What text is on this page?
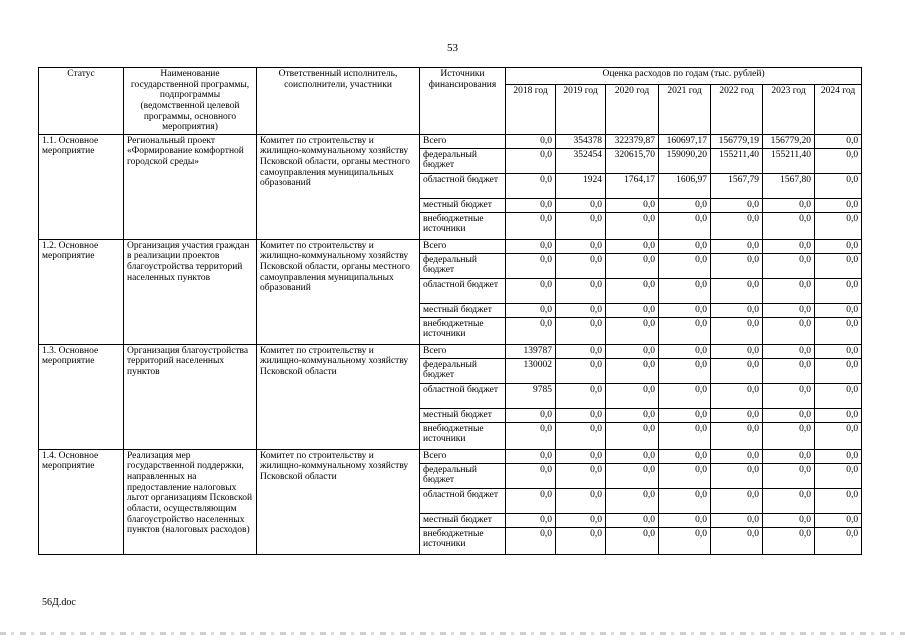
53
Статус	Наименование государственной программы, подпрограммы (ведомственной целевой программы, основного мероприятия)	Ответственный исполнитель, соисполнители, участники	Источники финансирования	Оценка расходов по годам (тыс. рублей)						
				2018 год	2019 год	2020 год	2021 год	2022 год	2023 год	2024 год
1.1. Основное мероприятие	Региональный проект «Формирование комфортной городской среды»	Комитет по строительству и жилищно-коммунальному хозяйству Псковской области, органы местного самоуправления муниципальных образований	Всего	0,0	354378	322379,87	160697,17	156779,19	156779,20	0,0
			федеральный бюджет	0,0	352454	320615,70	159090,20	155211,40	155211,40	0,0
			областной бюджет	0,0	1924	1764,17	1606,97	1567,79	1567,80	0,0
			местный бюджет	0,0	0,0	0,0	0,0	0,0	0,0	0,0
			внебюджетные источники	0,0	0,0	0,0	0,0	0,0	0,0	0,0
1.2. Основное мероприятие	Организация участия граждан в реализации проектов благоустройства территорий населенных пунктов	Комитет по строительству и жилищно-коммунальному хозяйству Псковской области, органы местного самоуправления муниципальных образований	Всего	0,0	0,0	0,0	0,0	0,0	0,0	0,0
			федеральный бюджет	0,0	0,0	0,0	0,0	0,0	0,0	0,0
			областной бюджет	0,0	0,0	0,0	0,0	0,0	0,0	0,0
			местный бюджет	0,0	0,0	0,0	0,0	0,0	0,0	0,0
			внебюджетные источники	0,0	0,0	0,0	0,0	0,0	0,0	0,0
1.3. Основное мероприятие	Организация благоустройства территорий населенных пунктов	Комитет по строительству и жилищно-коммунальному хозяйству Псковской области	Всего	139787	0,0	0,0	0,0	0,0	0,0	0,0
			федеральный бюджет	130002	0,0	0,0	0,0	0,0	0,0	0,0
			областной бюджет	9785	0,0	0,0	0,0	0,0	0,0	0,0
			местный бюджет	0,0	0,0	0,0	0,0	0,0	0,0	0,0
			внебюджетные источники	0,0	0,0	0,0	0,0	0,0	0,0	0,0
1.4. Основное мероприятие	Реализация мер государственной поддержки, направленных на предоставление налоговых льгот организациям Псковской области, осуществляющим благоустройство населенных пунктов (налоговых расходов)	Комитет по строительству и жилищно-коммунальному хозяйству Псковской области	Всего	0,0	0,0	0,0	0,0	0,0	0,0	0,0
			федеральный бюджет	0,0	0,0	0,0	0,0	0,0	0,0	0,0
			областной бюджет	0,0	0,0	0,0	0,0	0,0	0,0	0,0
			местный бюджет	0,0	0,0	0,0	0,0	0,0	0,0	0,0
			внебюджетные источники	0,0	0,0	0,0	0,0	0,0	0,0	0,0
56Д.doc
